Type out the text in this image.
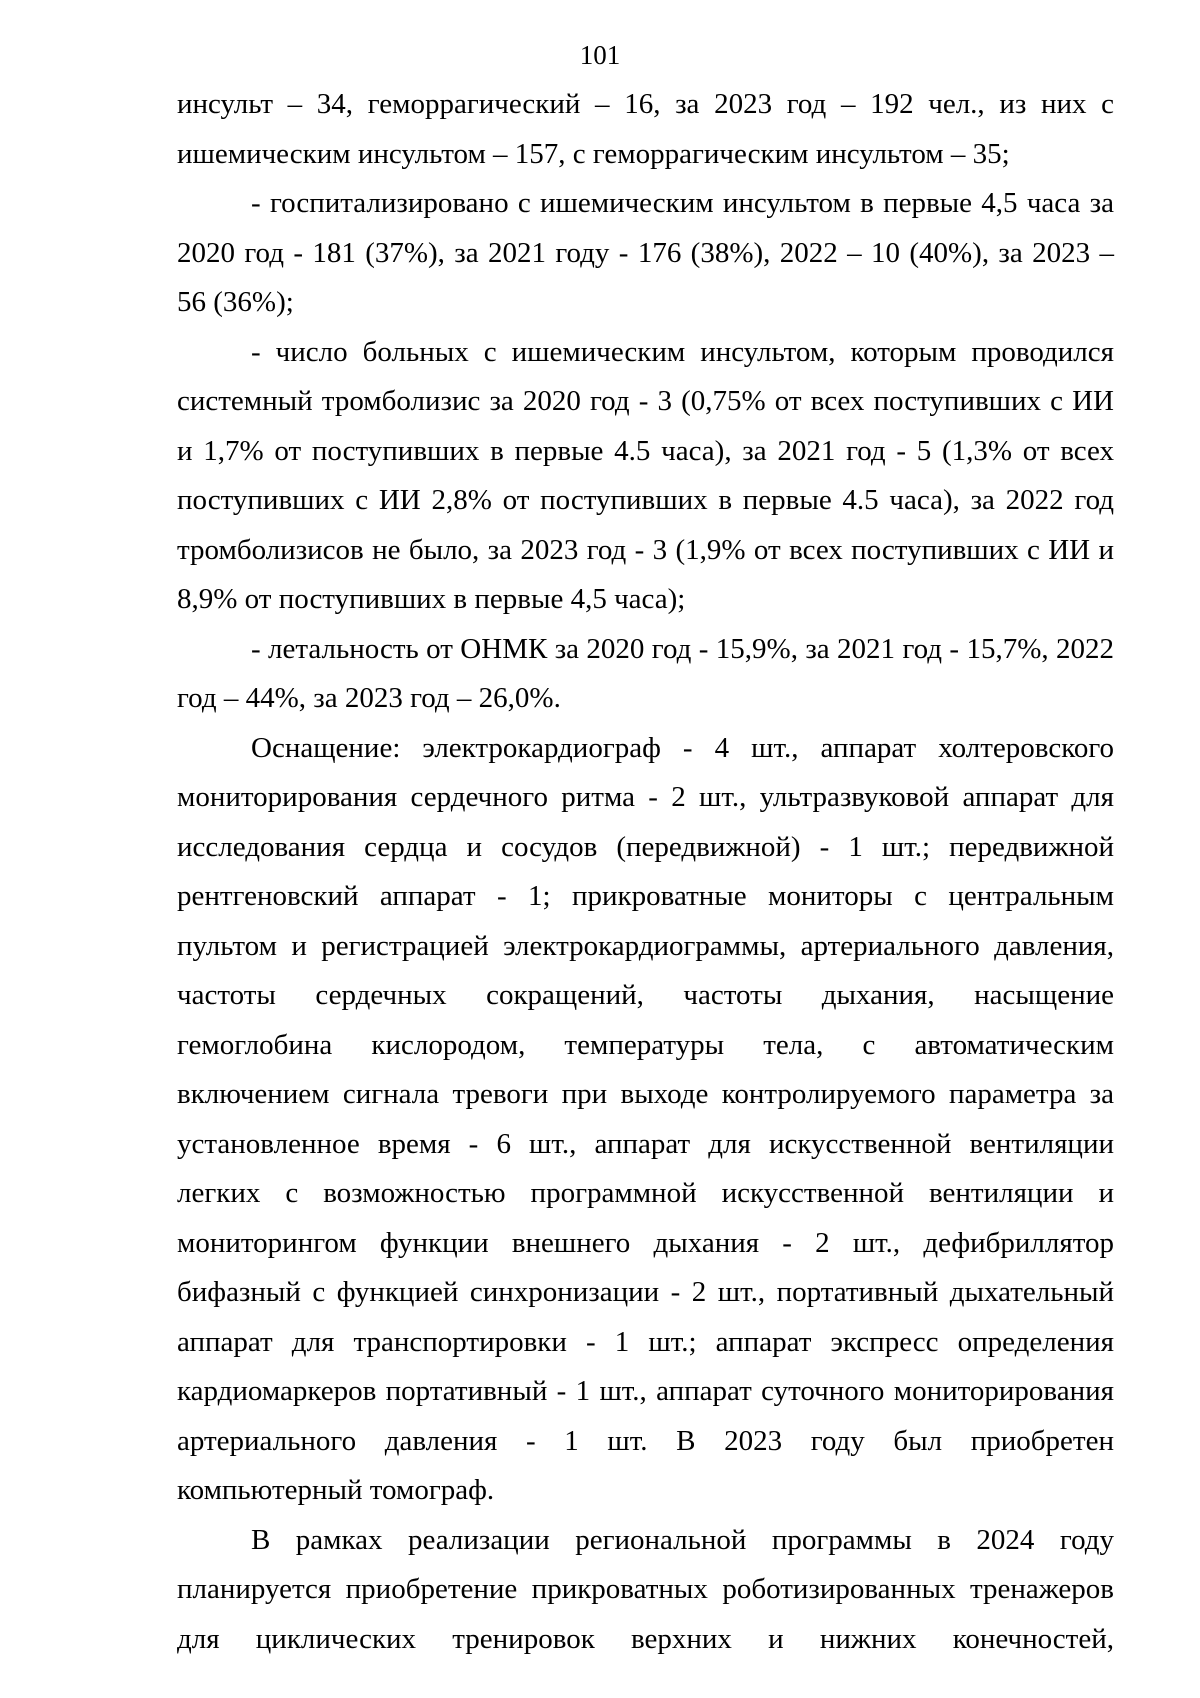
101

инсульт – 34, геморрагический – 16, за 2023 год – 192 чел., из них с ишемическим инсультом – 157, с геморрагическим инсультом – 35;

- госпитализировано с ишемическим инсультом в первые 4,5 часа за 2020 год - 181 (37%), за 2021 году - 176 (38%), 2022 – 10 (40%), за 2023 – 56 (36%);

- число больных с ишемическим инсультом, которым проводился системный тромболизис за 2020 год - 3 (0,75% от всех поступивших с ИИ и 1,7% от поступивших в первые 4.5 часа), за 2021 год - 5 (1,3% от всех поступивших с ИИ 2,8% от поступивших в первые 4.5 часа), за 2022 год тромболизисов не было, за 2023 год - 3 (1,9% от всех поступивших с ИИ и 8,9% от поступивших в первые 4,5 часа);

- летальность от ОНМК за 2020 год - 15,9%, за 2021 год - 15,7%, 2022 год – 44%, за 2023 год – 26,0%.

Оснащение: электрокардиограф - 4 шт., аппарат холтеровского мониторирования сердечного ритма - 2 шт., ультразвуковой аппарат для исследования сердца и сосудов (передвижной) - 1 шт.; передвижной рентгеновский аппарат - 1; прикроватные мониторы с центральным пультом и регистрацией электрокардиограммы, артериального давления, частоты сердечных сокращений, частоты дыхания, насыщение гемоглобина кислородом, температуры тела, с автоматическим включением сигнала тревоги при выходе контролируемого параметра за установленное время - 6 шт., аппарат для искусственной вентиляции легких с возможностью программной искусственной вентиляции и мониторингом функции внешнего дыхания - 2 шт., дефибриллятор бифазный с функцией синхронизации - 2 шт., портативный дыхательный аппарат для транспортировки - 1 шт.; аппарат экспресс определения кардиомаркеров портативный - 1 шт., аппарат суточного мониторирования артериального давления - 1 шт. В 2023 году был приобретен компьютерный томограф.

В рамках реализации региональной программы в 2024 году планируется приобретение прикроватных роботизированных тренажеров для циклических тренировок верхних и нижних конечностей,
